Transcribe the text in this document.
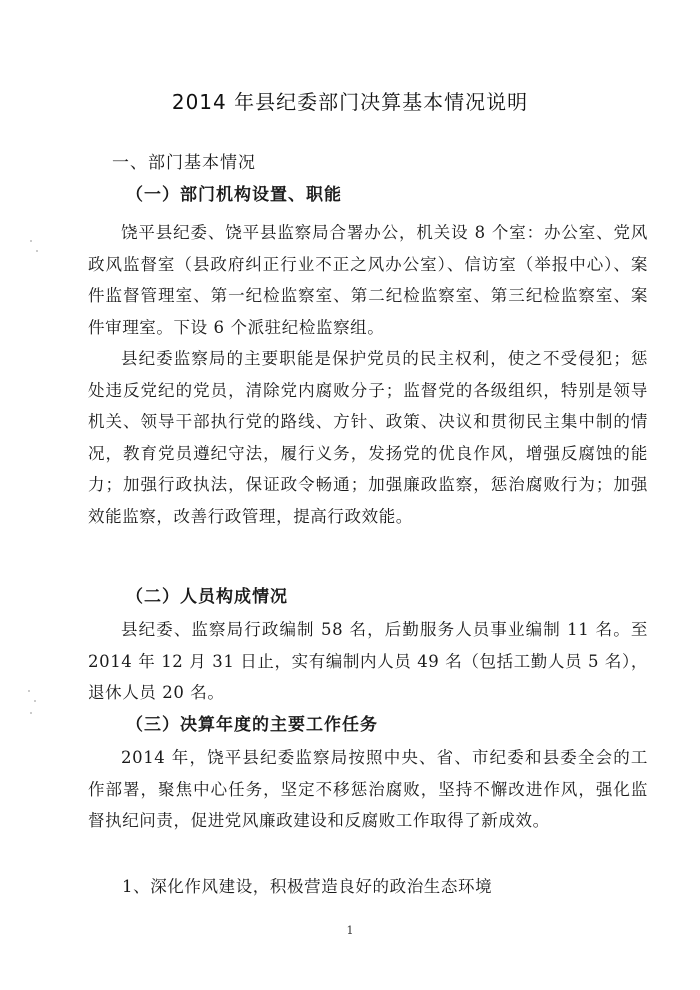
2014 年县纪委部门决算基本情况说明
一、部门基本情况
（一）部门机构设置、职能
饶平县纪委、饶平县监察局合署办公，机关设 8 个室：办公室、党风政风监督室（县政府纠正行业不正之风办公室）、信访室（举报中心）、案件监督管理室、第一纪检监察室、第二纪检监察室、第三纪检监察室、案件审理室。下设 6 个派驻纪检监察组。
县纪委监察局的主要职能是保护党员的民主权利，使之不受侵犯；惩处违反党纪的党员，清除党内腐败分子；监督党的各级组织，特别是领导机关、领导干部执行党的路线、方针、政策、决议和贯彻民主集中制的情况，教育党员遵纪守法，履行义务，发扬党的优良作风，增强反腐蚀的能力；加强行政执法，保证政令畅通；加强廉政监察，惩治腐败行为；加强效能监察，改善行政管理，提高行政效能。
（二）人员构成情况
县纪委、监察局行政编制 58 名，后勤服务人员事业编制 11 名。至 2014 年 12 月 31 日止，实有编制内人员 49 名（包括工勤人员 5 名），退休人员 20 名。
（三）决算年度的主要工作任务
2014 年，饶平县纪委监察局按照中央、省、市纪委和县委全会的工作部署，聚焦中心任务，坚定不移惩治腐败，坚持不懈改进作风，强化监督执纪问责，促进党风廉政建设和反腐败工作取得了新成效。
1、深化作风建设，积极营造良好的政治生态环境
1
